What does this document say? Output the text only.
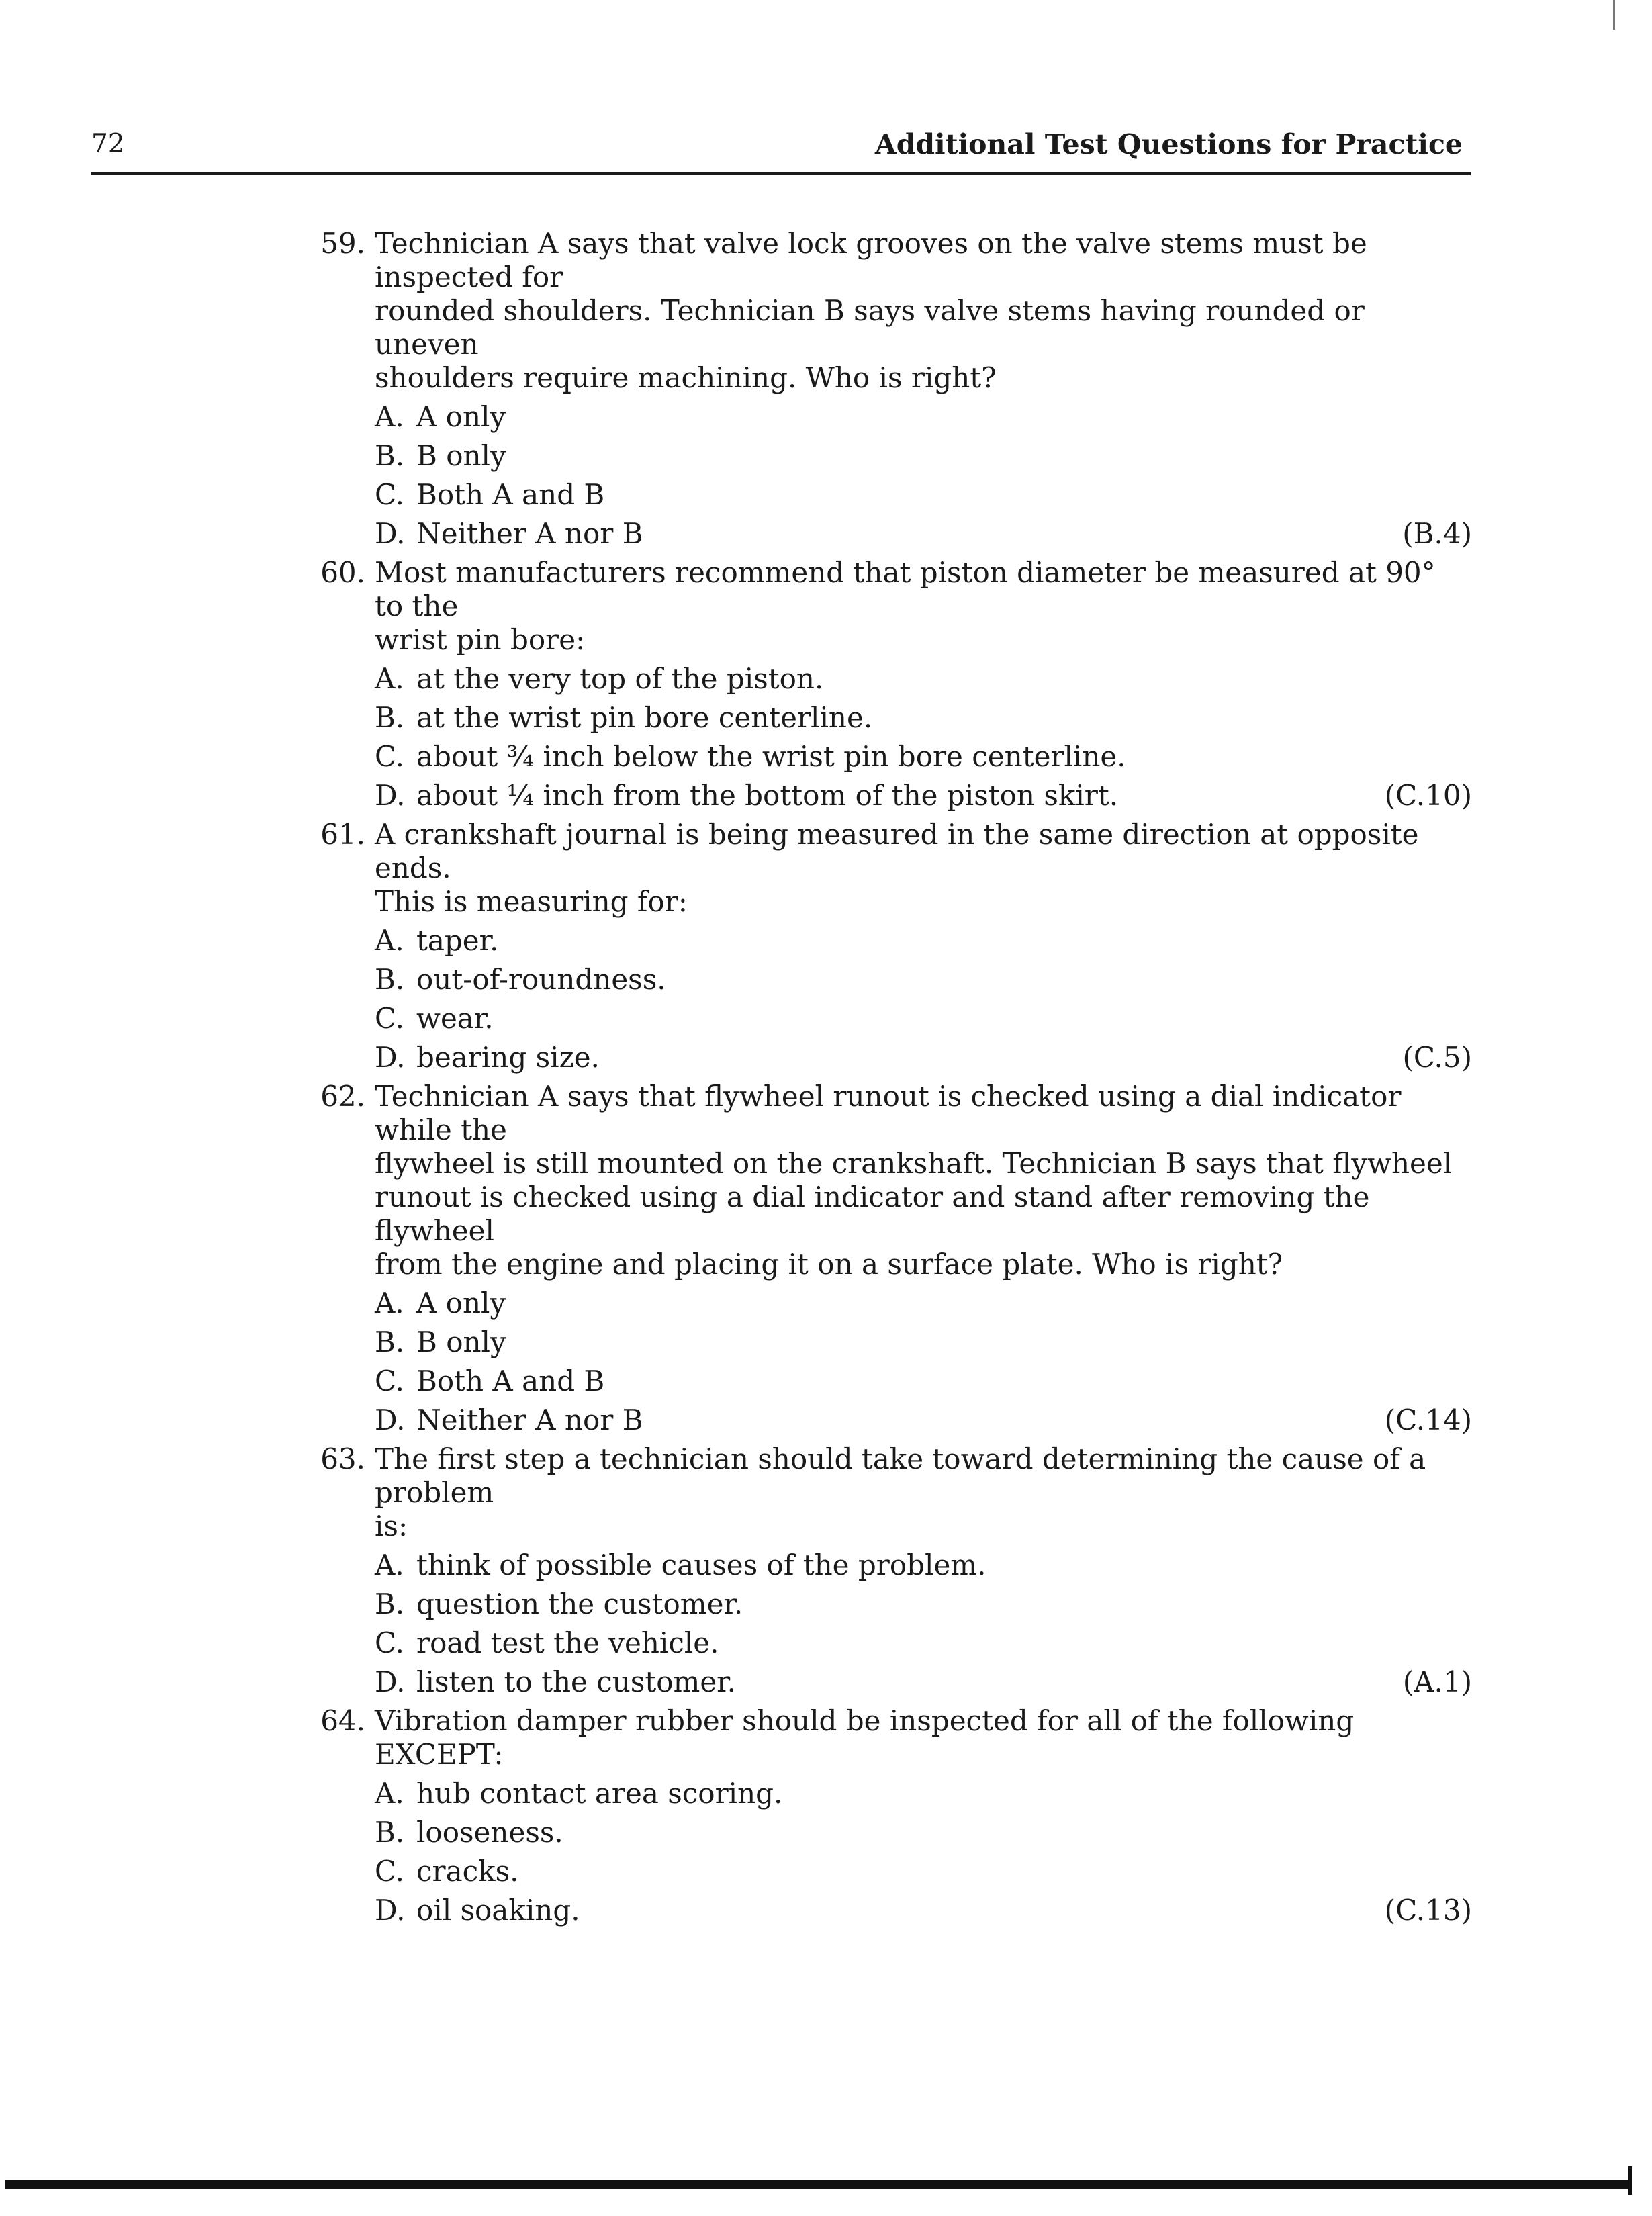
72	Additional Test Questions for Practice
59. Technician A says that valve lock grooves on the valve stems must be inspected for
rounded shoulders. Technician B says valve stems having rounded or uneven
shoulders require machining. Who is right?
A. A only
B. B only
C. Both A and B
D. Neither A nor B	(B.4)
60. Most manufacturers recommend that piston diameter be measured at 90° to the
wrist pin bore:
A. at the very top of the piston.
B. at the wrist pin bore centerline.
C. about ¾ inch below the wrist pin bore centerline.
D. about ¼ inch from the bottom of the piston skirt.	(C.10)
61. A crankshaft journal is being measured in the same direction at opposite ends.
This is measuring for:
A. taper.
B. out-of-roundness.
C. wear.
D. bearing size.	(C.5)
62. Technician A says that flywheel runout is checked using a dial indicator while the
flywheel is still mounted on the crankshaft. Technician B says that flywheel
runout is checked using a dial indicator and stand after removing the flywheel
from the engine and placing it on a surface plate. Who is right?
A. A only
B. B only
C. Both A and B
D. Neither A nor B	(C.14)
63. The first step a technician should take toward determining the cause of a problem
is:
A. think of possible causes of the problem.
B. question the customer.
C. road test the vehicle.
D. listen to the customer.	(A.1)
64. Vibration damper rubber should be inspected for all of the following EXCEPT:
A. hub contact area scoring.
B. looseness.
C. cracks.
D. oil soaking.	(C.13)
